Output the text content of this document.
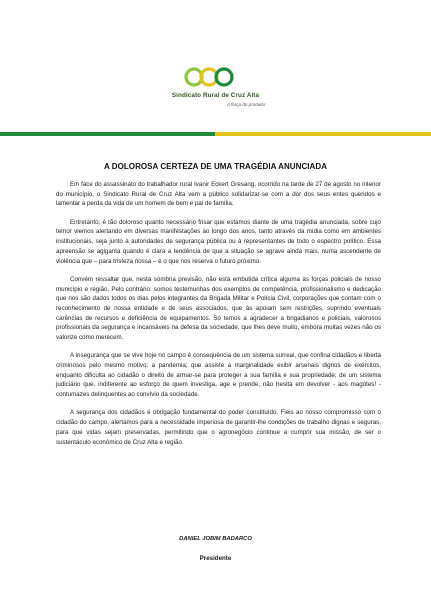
Sindicato Rural de Cruz Alta
A força do produtor
A DOLOROSA CERTEZA DE UMA TRAGÉDIA ANUNCIADA

Em face do assassinato do trabalhador rural Ivanir Eckert Gresang, ocorrido na tarde de 27 de agosto no interior do município, o Sindicato Rural de Cruz Alta vem a público solidarizar-se com a dor dos seus entes queridos e lamentar a perda da vida de um homem de bem e pai de família.

Entretanto, é tão doloroso quanto necessário frisar que estamos diante de uma tragédia anunciada, sobre cujo temor viemos alertando em diversas manifestações ao longo dos anos, tanto através da mídia como em ambientes institucionais, seja junto à autoridades de segurança pública ou à representantes de todo o espectro político. Essa apreensão se agiganta quando é clara a tendência de que a situação se agrave ainda mais, numa ascendente de violência que – para tristeza nossa – é o que nos reserva o futuro próximo.

Convém ressaltar que, nesta sombria previsão, não está embutida crítica alguma às forças policiais de nosso município e região. Pelo contrário: somos testemunhas dos exemplos de competência, profissionalismo e dedicação que nos são dados todos os dias pelos integrantes da Brigada Militar e Polícia Civil, corporações que contam com o reconhecimento de nossa entidade e de seus associados, que às apoiam sem restrições, suprindo eventuais carências de recursos e deficiência de equipamentos. Só temos a agradecer a brigadianos e policiais, valorosos profissionais da segurança e incansáveis na defesa da sociedade, que lhes deve muito, embora muitas vezes não os valorize como merecem.

A insegurança que se vive hoje no campo é consequência de um sistema surreal, que confina cidadãos e liberta criminosos pelo mesmo motivo: a pandemia; que assiste a marginalidade exibir arsenais dignos de exércitos, enquanto dificulta ao cidadão o direito de armar-se para proteger a sua família e sua propriedade; de um sistema judiciário que, indiferente ao esforço de quem investiga, age e prende, não hesita em devolver - aos magotes! - contumazes delinquentes ao convívio da sociedade.

A segurança dos cidadãos é obrigação fundamental do poder constituído. Fiéis ao nosso compromisso com o cidadão do campo, alertamos para a necessidade imperiosa de garantir-lhe condições de trabalho dignas e seguras, para que vidas sejam preservadas, permitindo que o agronegócio continue a cumprir sua missão, de ser o sustentáculo econômico de Cruz Alta e região.

DANIEL JOBIM BADARCO
Presidente
